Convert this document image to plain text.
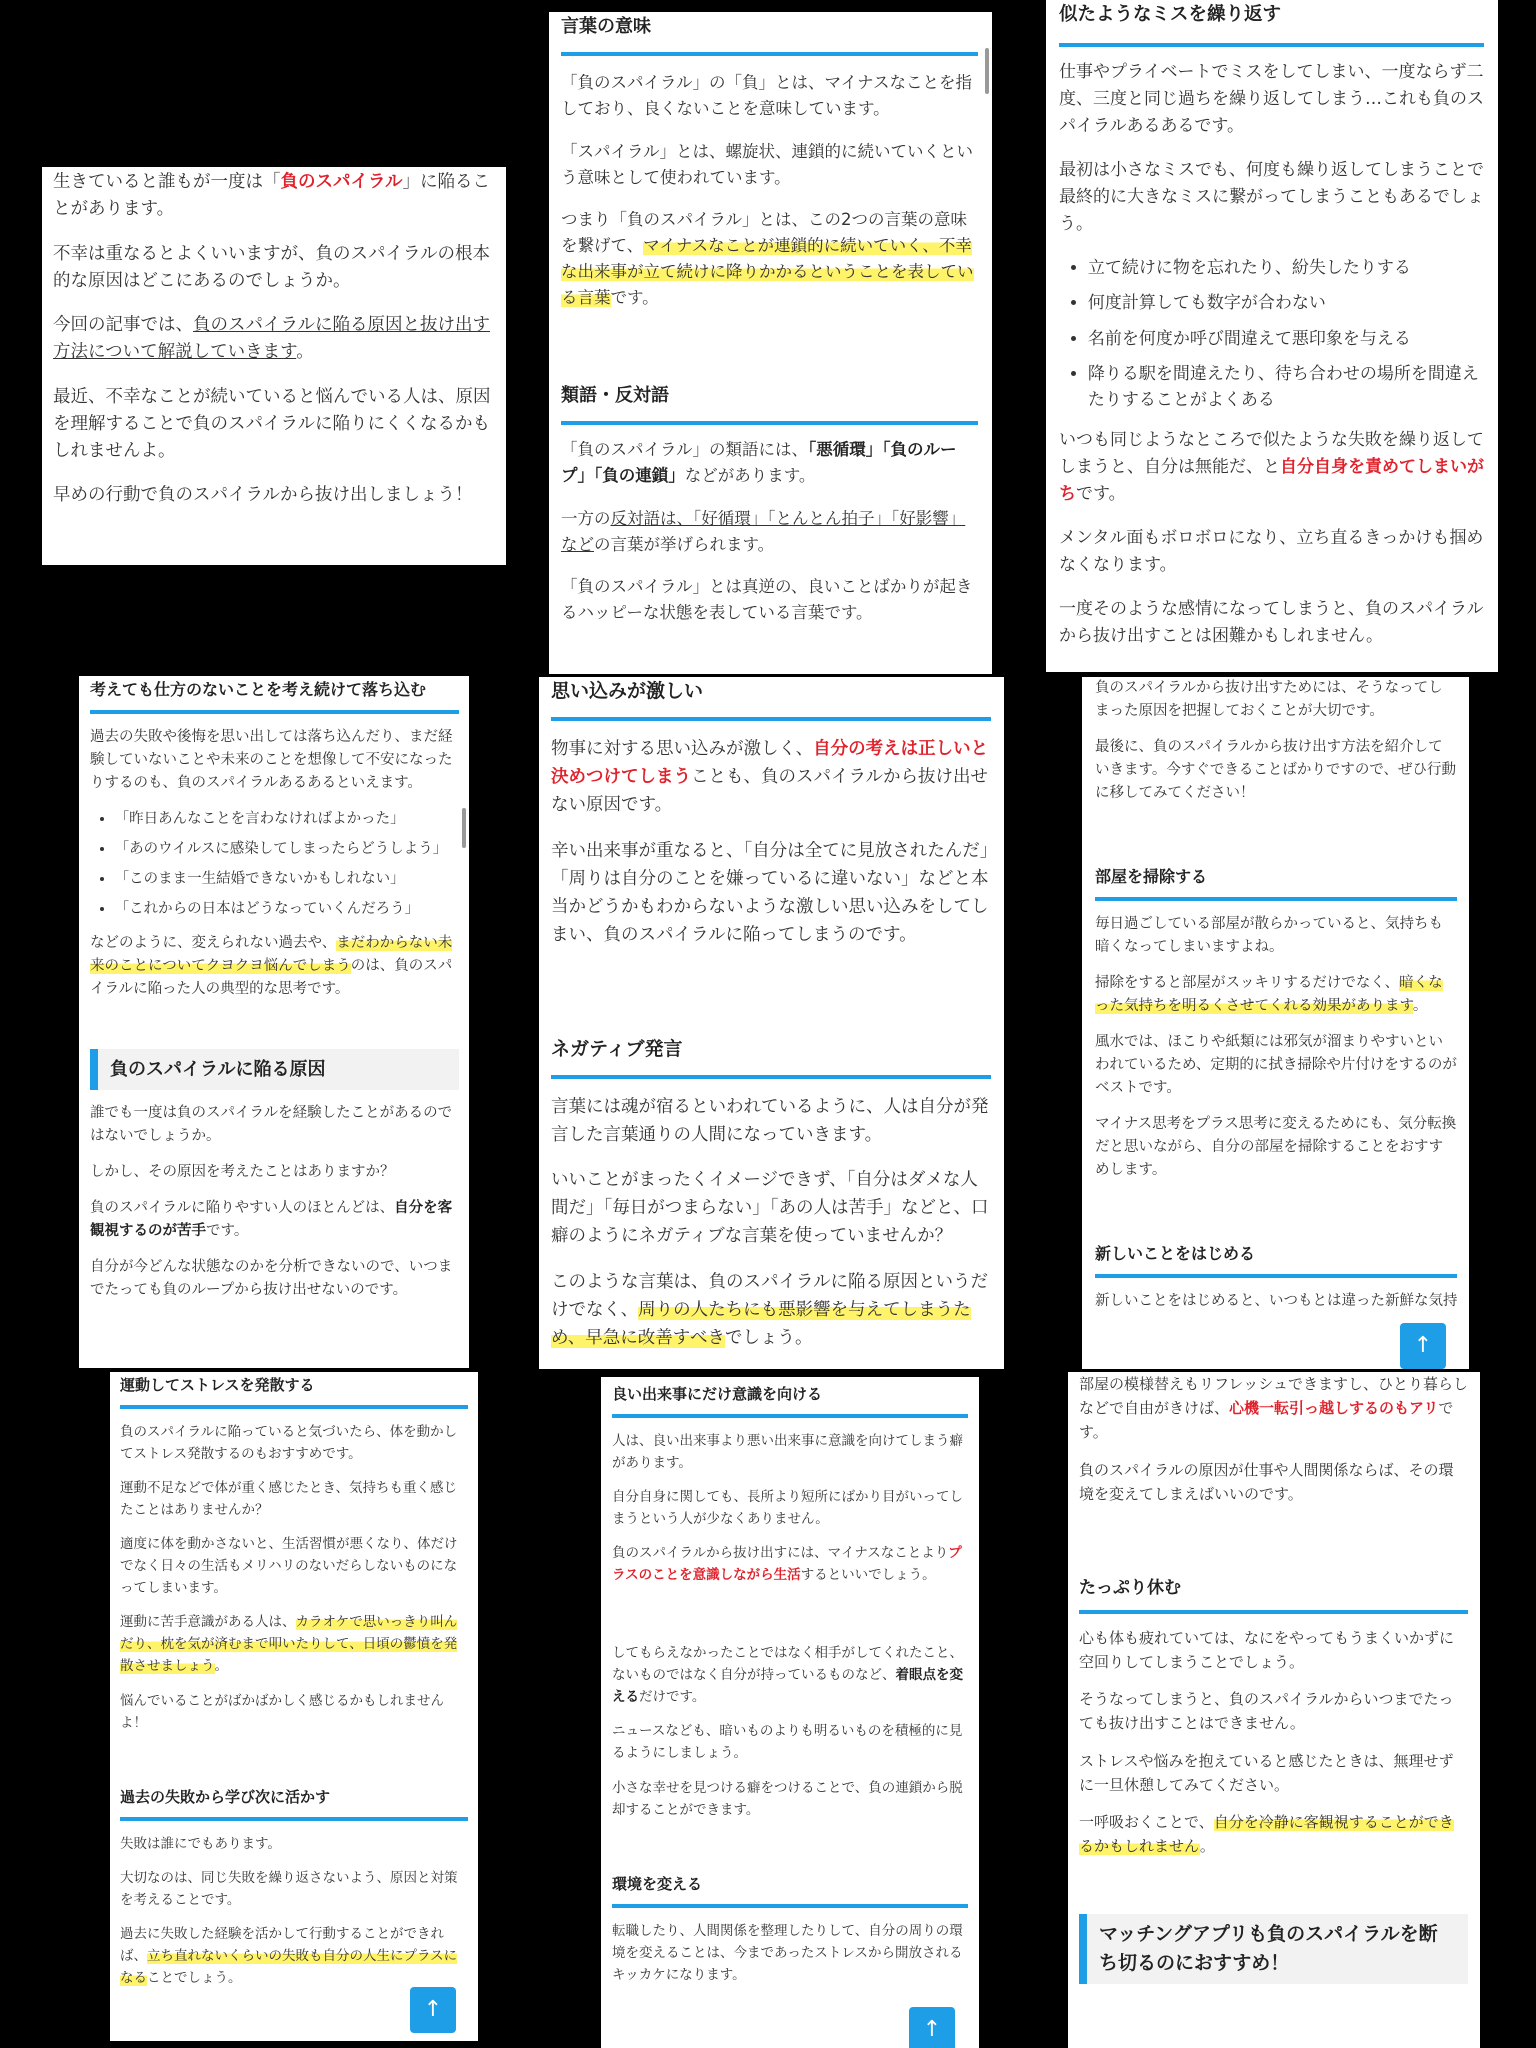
生きていると誰もが一度は「負のスパイラル」に陥ることがあります。

不幸は重なるとよくいいますが、負のスパイラルの根本的な原因はどこにあるのでしょうか。

今回の記事では、負のスパイラルに陥る原因と抜け出す方法について解説していきます。

最近、不幸なことが続いていると悩んでいる人は、原因を理解することで負のスパイラルに陥りにくくなるかもしれませんよ。

早めの行動で負のスパイラルから抜け出しましょう！

言葉の意味

「負のスパイラル」の「負」とは、マイナスなことを指しており、良くないことを意味しています。

「スパイラル」とは、螺旋状、連鎖的に続いていくという意味として使われています。

つまり「負のスパイラル」とは、この2つの言葉の意味を繋げて、マイナスなことが連鎖的に続いていく、不幸な出来事が立て続けに降りかかるということを表している言葉です。

類語・反対語

「負のスパイラル」の類語には、「悪循環」「負のループ」「負の連鎖」などがあります。

一方の反対語は、「好循環」「とんとん拍子」「好影響」などの言葉が挙げられます。

「負のスパイラル」とは真逆の、良いことばかりが起きるハッピーな状態を表している言葉です。

似たようなミスを繰り返す

仕事やプライベートでミスをしてしまい、一度ならず二度、三度と同じ過ちを繰り返してしまう…これも負のスパイラルあるあるです。

最初は小さなミスでも、何度も繰り返してしまうことで最終的に大きなミスに繋がってしまうこともあるでしょう。

• 立て続けに物を忘れたり、紛失したりする
• 何度計算しても数字が合わない
• 名前を何度か呼び間違えて悪印象を与える
• 降りる駅を間違えたり、待ち合わせの場所を間違えたりすることがよくある

いつも同じようなところで似たような失敗を繰り返してしまうと、自分は無能だ、と自分自身を責めてしまいがちです。

メンタル面もボロボロになり、立ち直るきっかけも掴めなくなります。

一度そのような感情になってしまうと、負のスパイラルから抜け出すことは困難かもしれません。

考えても仕方のないことを考え続けて落ち込む

過去の失敗や後悔を思い出しては落ち込んだり、まだ経験していないことや未来のことを想像して不安になったりするのも、負のスパイラルあるあるといえます。

• 「昨日あんなことを言わなければよかった」
• 「あのウイルスに感染してしまったらどうしよう」
• 「このまま一生結婚できないかもしれない」
• 「これからの日本はどうなっていくんだろう」

などのように、変えられない過去や、まだわからない未来のことについてクヨクヨ悩んでしまうのは、負のスパイラルに陥った人の典型的な思考です。

負のスパイラルに陥る原因

誰でも一度は負のスパイラルを経験したことがあるのではないでしょうか。

しかし、その原因を考えたことはありますか？

負のスパイラルに陥りやすい人のほとんどは、自分を客観視するのが苦手です。

自分が今どんな状態なのかを分析できないので、いつまでたっても負のループから抜け出せないのです。

思い込みが激しい

物事に対する思い込みが激しく、自分の考えは正しいと決めつけてしまうことも、負のスパイラルから抜け出せない原因です。

辛い出来事が重なると、「自分は全てに見放されたんだ」「周りは自分のことを嫌っているに違いない」などと本当かどうかもわからないような激しい思い込みをしてしまい、負のスパイラルに陥ってしまうのです。

ネガティブ発言

言葉には魂が宿るといわれているように、人は自分が発言した言葉通りの人間になっていきます。

いいことがまったくイメージできず、「自分はダメな人間だ」「毎日がつまらない」「あの人は苦手」などと、口癖のようにネガティブな言葉を使っていませんか？

このような言葉は、負のスパイラルに陥る原因というだけでなく、周りの人たちにも悪影響を与えてしまうため、早急に改善すべきでしょう。

負のスパイラルから抜け出すためには、そうなってしまった原因を把握しておくことが大切です。

最後に、負のスパイラルから抜け出す方法を紹介していきます。今すぐできることばかりですので、ぜひ行動に移してみてください！

部屋を掃除する

毎日過ごしている部屋が散らかっていると、気持ちも暗くなってしまいますよね。

掃除をすると部屋がスッキリするだけでなく、暗くなった気持ちを明るくさせてくれる効果があります。

風水では、ほこりや紙類には邪気が溜まりやすいといわれているため、定期的に拭き掃除や片付けをするのがベストです。

マイナス思考をプラス思考に変えるためにも、気分転換だと思いながら、自分の部屋を掃除することをおすすめします。

新しいことをはじめる

新しいことをはじめると、いつもとは違った新鮮な気持

↑
運動してストレスを発散する

負のスパイラルに陥っていると気づいたら、体を動かしてストレス発散するのもおすすめです。

運動不足などで体が重く感じたとき、気持ちも重く感じたことはありませんか？

適度に体を動かさないと、生活習慣が悪くなり、体だけでなく日々の生活もメリハリのないだらしないものになってしまいます。

運動に苦手意識がある人は、カラオケで思いっきり叫んだり、枕を気が済むまで叩いたりして、日頃の鬱憤を発散させましょう。

悩んでいることがばかばかしく感じるかもしれませんよ！

過去の失敗から学び次に活かす

失敗は誰にでもあります。

大切なのは、同じ失敗を繰り返さないよう、原因と対策を考えることです。

過去に失敗した経験を活かして行動することができれば、立ち直れないくらいの失敗も自分の人生にプラスになることでしょう。

↑
良い出来事にだけ意識を向ける

人は、良い出来事より悪い出来事に意識を向けてしまう癖があります。

自分自身に関しても、長所より短所にばかり目がいってしまうという人が少なくありません。

負のスパイラルから抜け出すには、マイナスなことよりプラスのことを意識しながら生活するといいでしょう。

してもらえなかったことではなく相手がしてくれたこと、ないものではなく自分が持っているものなど、着眼点を変えるだけです。

ニュースなども、暗いものよりも明るいものを積極的に見るようにしましょう。

小さな幸せを見つける癖をつけることで、負の連鎖から脱却することができます。

環境を変える

転職したり、人間関係を整理したりして、自分の周りの環境を変えることは、今まであったストレスから開放されるキッカケになります。

↑

部屋の模様替えもリフレッシュできますし、ひとり暮らしなどで自由がきけば、心機一転引っ越しするのもアリです。

負のスパイラルの原因が仕事や人間関係ならば、その環境を変えてしまえばいいのです。

たっぷり休む

心も体も疲れていては、なにをやってもうまくいかずに空回りしてしまうことでしょう。

そうなってしまうと、負のスパイラルからいつまでたっても抜け出すことはできません。

ストレスや悩みを抱えていると感じたときは、無理せずに一旦休憩してみてください。

一呼吸おくことで、自分を冷静に客観視することができるかもしれません。

マッチングアプリも負のスパイラルを断ち切るのにおすすめ！
